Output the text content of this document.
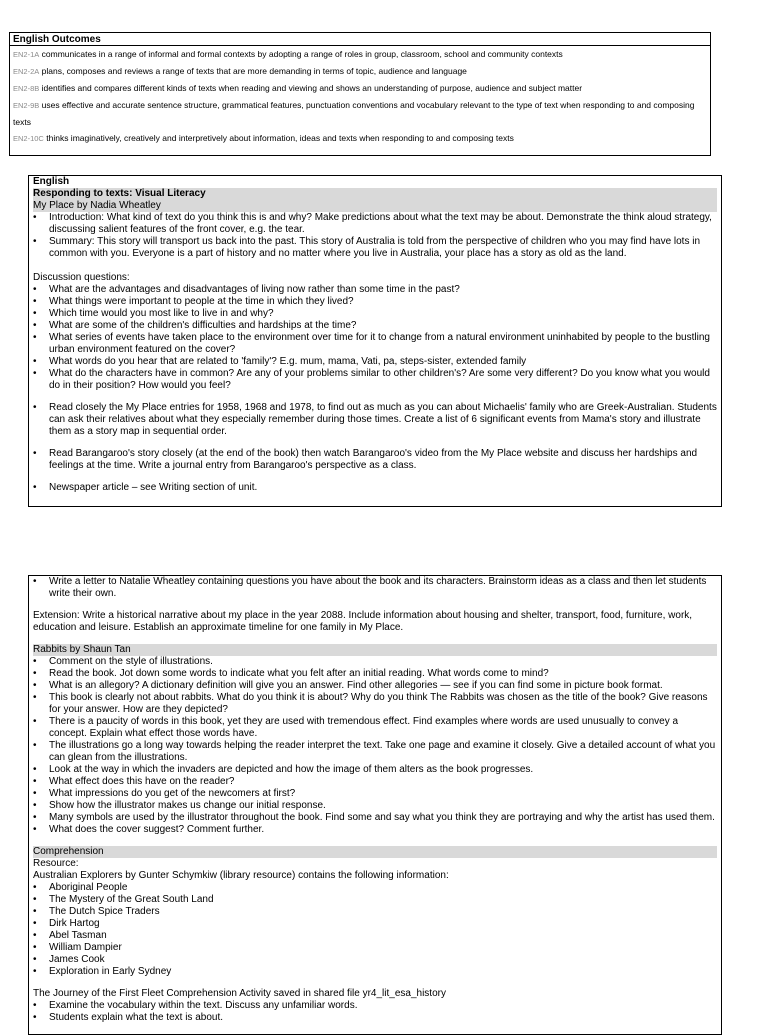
English Outcomes
EN2-1A communicates in a range of informal and formal contexts by adopting a range of roles in group, classroom, school and community contexts
EN2-2A plans, composes and reviews a range of texts that are more demanding in terms of topic, audience and language
EN2-8B identifies and compares different kinds of texts when reading and viewing and shows an understanding of purpose, audience and subject matter
EN2-9B uses effective and accurate sentence structure, grammatical features, punctuation conventions and vocabulary relevant to the type of text when responding to and composing texts
EN2-10C thinks imaginatively, creatively and interpretively about information, ideas and texts when responding to and composing texts
English
Responding to texts: Visual Literacy
My Place by Nadia Wheatley
• Introduction: What kind of text do you think this is and why? Make predictions about what the text may be about. Demonstrate the think aloud strategy, discussing salient features of the front cover, e.g. the tear.
• Summary: This story will transport us back into the past. This story of Australia is told from the perspective of children who you may find have lots in common with you. Everyone is a part of history and no matter where you live in Australia, your place has a story as old as the land.
Discussion questions:
• What are the advantages and disadvantages of living now rather than some time in the past?
• What things were important to people at the time in which they lived?
• Which time would you most like to live in and why?
• What are some of the children's difficulties and hardships at the time?
• What series of events have taken place to the environment over time for it to change from a natural environment uninhabited by people to the bustling urban environment featured on the cover?
• What words do you hear that are related to 'family'? E.g. mum, mama, Vati, pa, steps-sister, extended family
• What do the characters have in common? Are any of your problems similar to other children's? Are some very different? Do you know what you would do in their position? How would you feel?
• Read closely the My Place entries for 1958, 1968 and 1978, to find out as much as you can about Michaelis' family who are Greek-Australian. Students can ask their relatives about what they especially remember during those times. Create a list of 6 significant events from Mama's story and illustrate them as a story map in sequential order.
• Read Barangaroo's story closely (at the end of the book) then watch Barangaroo's video from the My Place website and discuss her hardships and feelings at the time. Write a journal entry from Barangaroo's perspective as a class.
• Newspaper article – see Writing section of unit.
• Write a letter to Natalie Wheatley containing questions you have about the book and its characters. Brainstorm ideas as a class and then let students write their own.
Extension: Write a historical narrative about my place in the year 2088. Include information about housing and shelter, transport, food, furniture, work, education and leisure. Establish an approximate timeline for one family in My Place.
Rabbits by Shaun Tan
• Comment on the style of illustrations.
• Read the book. Jot down some words to indicate what you felt after an initial reading. What words come to mind?
• What is an allegory? A dictionary definition will give you an answer. Find other allegories — see if you can find some in picture book format.
• This book is clearly not about rabbits. What do you think it is about? Why do you think The Rabbits was chosen as the title of the book? Give reasons for your answer. How are they depicted?
• There is a paucity of words in this book, yet they are used with tremendous effect. Find examples where words are used unusually to convey a concept. Explain what effect those words have.
• The illustrations go a long way towards helping the reader interpret the text. Take one page and examine it closely. Give a detailed account of what you can glean from the illustrations.
• Look at the way in which the invaders are depicted and how the image of them alters as the book progresses.
• What effect does this have on the reader?
• What impressions do you get of the newcomers at first?
• Show how the illustrator makes us change our initial response.
• Many symbols are used by the illustrator throughout the book. Find some and say what you think they are portraying and why the artist has used them.
• What does the cover suggest? Comment further.
Comprehension
Resource:
Australian Explorers by Gunter Schymkiw (library resource) contains the following information:
• Aboriginal People
• The Mystery of the Great South Land
• The Dutch Spice Traders
• Dirk Hartog
• Abel Tasman
• William Dampier
• James Cook
• Exploration in Early Sydney
The Journey of the First Fleet Comprehension Activity saved in shared file yr4_lit_esa_history
• Examine the vocabulary within the text. Discuss any unfamiliar words.
• Students explain what the text is about.
